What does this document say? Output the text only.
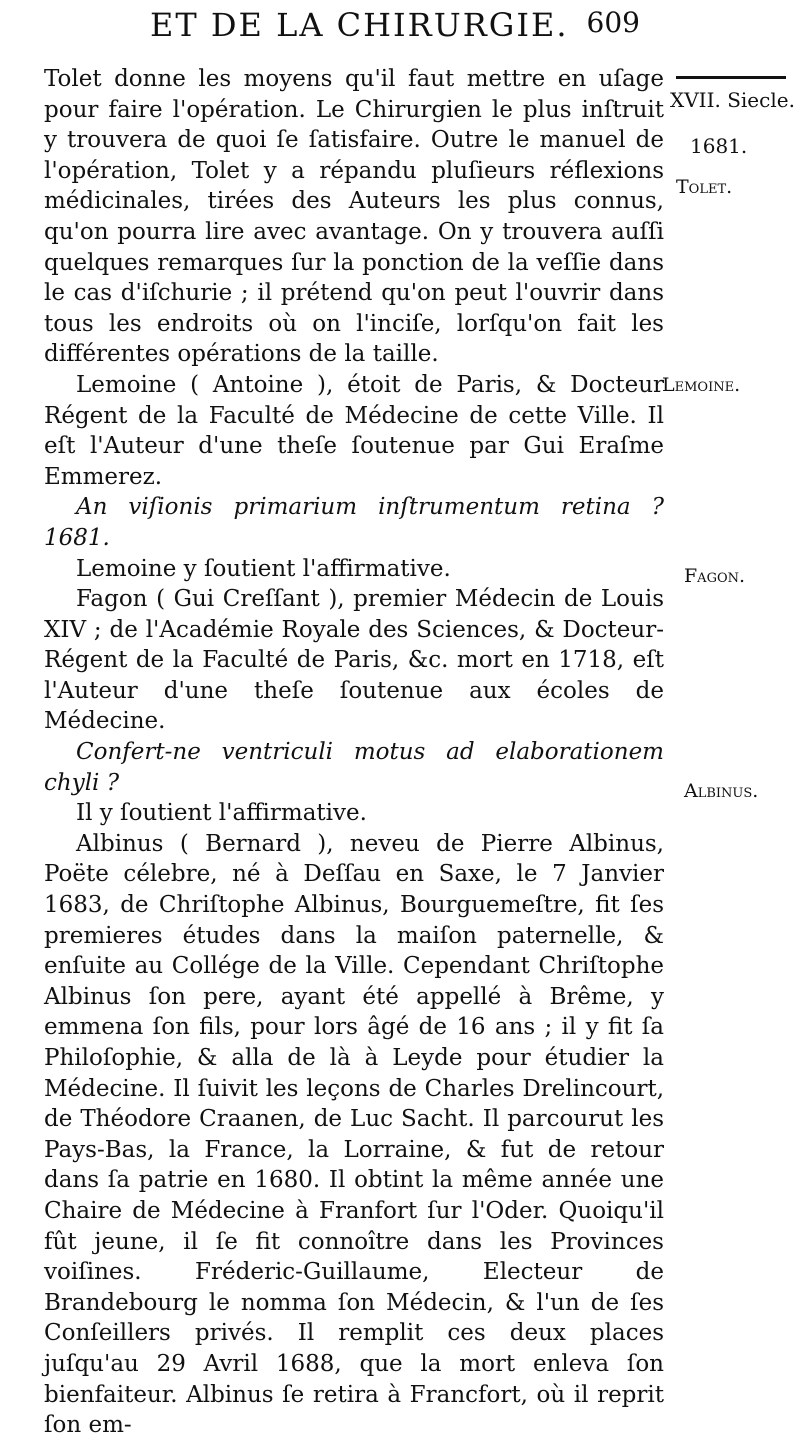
ET DE LA CHIRURGIE. 609

Tolet donne les moyens qu'il faut mettre en uſage pour faire l'opération. Le Chirurgien le plus inſtruit y trouvera de quoi ſe ſatisfaire. Outre le manuel de l'opération, Tolet y a répandu pluſieurs réflexions médicinales, tirées des Auteurs les plus connus, qu'on pourra lire avec avantage. On y trouvera auſſi quelques remarques ſur la ponction de la veſſie dans le cas d'iſchurie ; il prétend qu'on peut l'ouvrir dans tous les endroits où on l'inciſe, lorſqu'on fait les différentes opérations de la taille.

Lemoine ( Antoine ), étoit de Paris, & Docteur Régent de la Faculté de Médecine de cette Ville. Il eſt l'Auteur d'une theſe ſoutenue par Gui Eraſme Emmerez.

An viſionis primarium inſtrumentum retina ? 1681.

Lemoine y ſoutient l'affirmative.

Fagon ( Gui Creſſant ), premier Médecin de Louis XIV ; de l'Académie Royale des Sciences, & Docteur-Régent de la Faculté de Paris, &c. mort en 1718, eſt l'Auteur d'une theſe ſoutenue aux écoles de Médecine.

Confert-ne ventriculi motus ad elaborationem chyli ?

Il y ſoutient l'affirmative.

Albinus ( Bernard ), neveu de Pierre Albinus, Poëte célebre, né à Deſſau en Saxe, le 7 Janvier 1683, de Chriſtophe Albinus, Bourguemeſtre, fit ſes premieres études dans la maiſon paternelle, & enſuite au Collége de la Ville. Cependant Chriſtophe Albinus ſon pere, ayant été appellé à Brême, y emmena ſon fils, pour lors âgé de 16 ans ; il y fit ſa Philoſophie, & alla de là à Leyde pour étudier la Médecine. Il ſuivit les leçons de Charles Drelincourt, de Théodore Craanen, de Luc Sacht. Il parcourut les Pays-Bas, la France, la Lorraine, & fut de retour dans ſa patrie en 1680. Il obtint la même année une Chaire de Médecine à Franfort ſur l'Oder. Quoiqu'il fût jeune, il ſe fit connoître dans les Provinces voiſines. Fréderic-Guillaume, Electeur de Brandebourg le nomma ſon Médecin, & l'un de ſes Conſeillers privés. Il remplit ces deux places juſqu'au 29 Avril 1688, que la mort enleva ſon bienfaiteur. Albinus ſe retira à Francfort, où il reprit ſon em-

XVII. Siecle.
1681.
Tolet.
Lemoine.
Fagon.
Albinus.
